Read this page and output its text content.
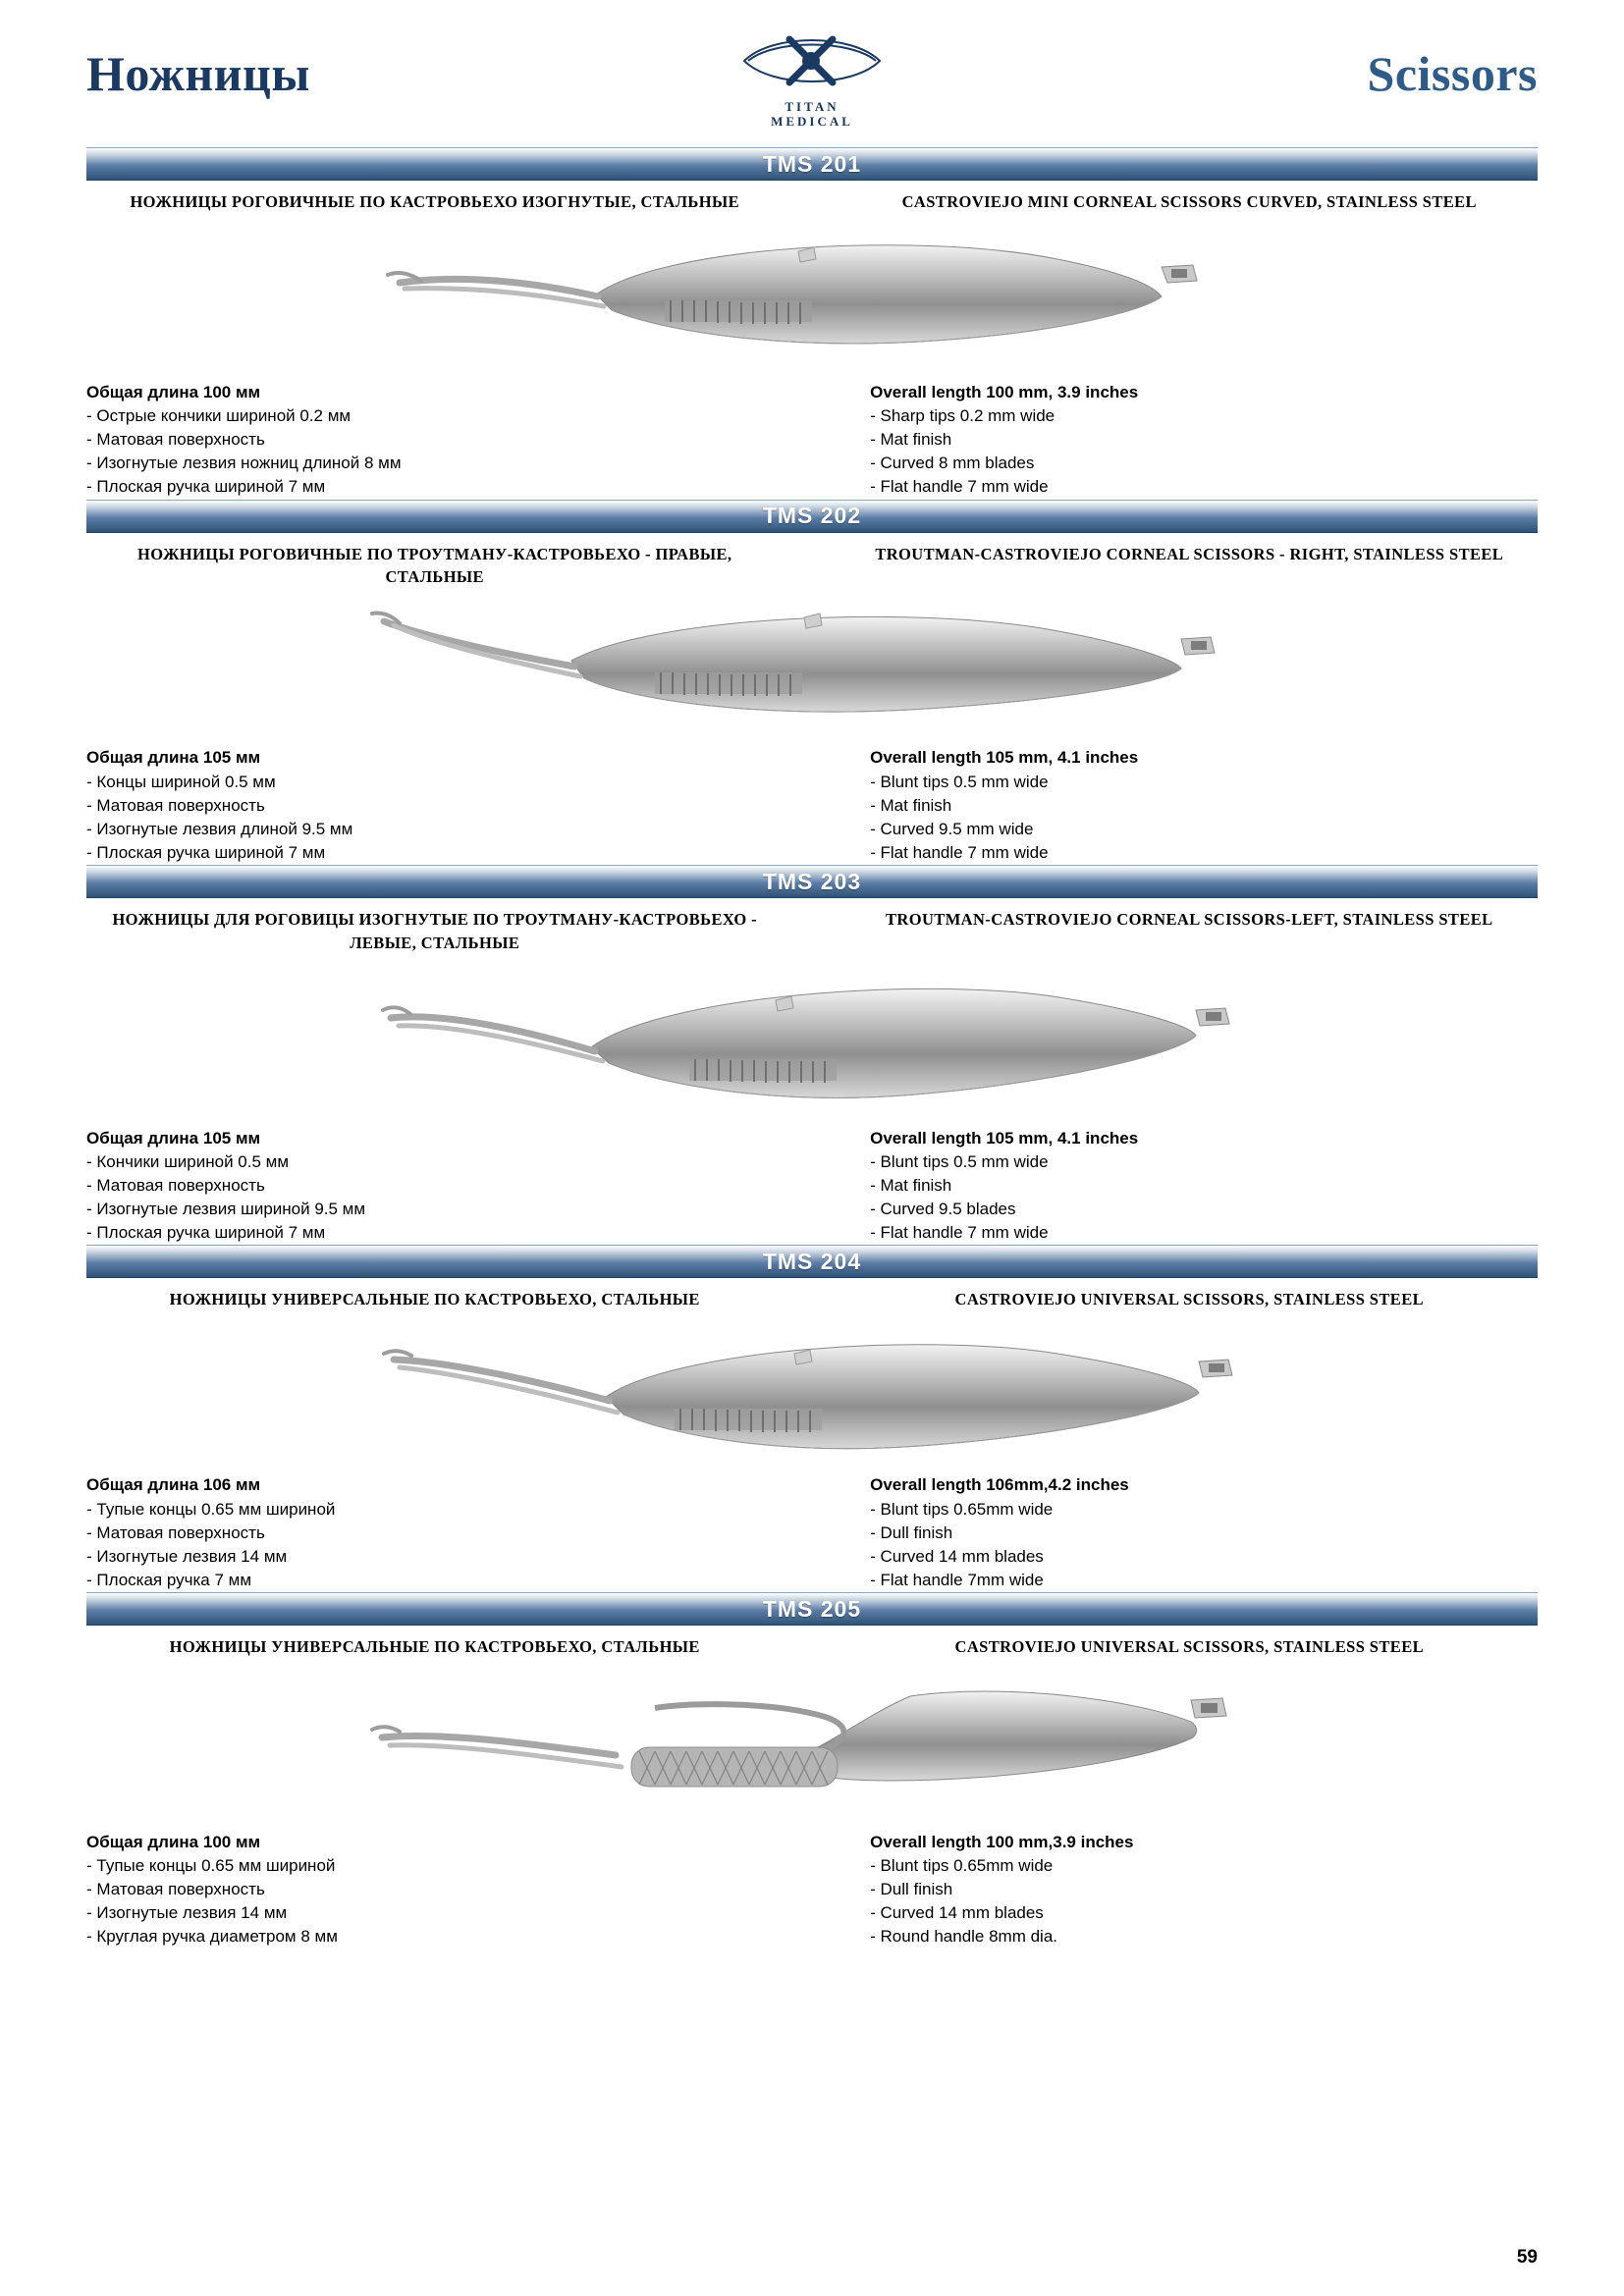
Ножницы
TITAN
MEDICAL
Scissors
TMS 201
НОЖНИЦЫ РОГОВИЧНЫЕ ПО КАСТРОВЬЕХО ИЗОГНУТЫЕ, СТАЛЬНЫЕ	CASTROVIEJO MINI CORNEAL SCISSORS CURVED, STAINLESS STEEL
Общая длина 100 мм
- Острые кончики шириной 0.2 мм
- Матовая поверхность
- Изогнутые лезвия ножниц длиной 8 мм
- Плоская ручка шириной 7 мм
Overall length 100 mm, 3.9 inches
- Sharp tips 0.2 mm wide
- Mat finish
- Curved 8 mm blades
- Flat handle 7 mm wide
TMS 202
НОЖНИЦЫ РОГОВИЧНЫЕ ПО ТРОУТМАНУ-КАСТРОВЬЕХО - ПРАВЫЕ, СТАЛЬНЫЕ
TROUTMAN-CASTROVIEJO CORNEAL SCISSORS - RIGHT, STAINLESS STEEL
Общая длина 105 мм
- Концы шириной 0.5 мм
- Матовая поверхность
- Изогнутые лезвия длиной 9.5 мм
- Плоская ручка шириной 7 мм
Overall length 105 mm, 4.1 inches
- Blunt tips 0.5 mm wide
- Mat finish
- Curved 9.5 mm wide
- Flat handle 7 mm wide
TMS 203
НОЖНИЦЫ ДЛЯ РОГОВИЦЫ ИЗОГНУТЫЕ ПО ТРОУТМАНУ-КАСТРОВЬЕХО - ЛЕВЫЕ, СТАЛЬНЫЕ
TROUTMAN-CASTROVIEJO CORNEAL SCISSORS-LEFT, STAINLESS STEEL
Общая длина 105 мм
- Кончики шириной 0.5 мм
- Матовая поверхность
- Изогнутые лезвия шириной 9.5 мм
- Плоская ручка шириной 7 мм
Overall length 105 mm, 4.1 inches
- Blunt tips 0.5 mm wide
- Mat finish
- Curved 9.5 blades
- Flat handle 7 mm wide
TMS 204
НОЖНИЦЫ УНИВЕРСАЛЬНЫЕ ПО КАСТРОВЬЕХО, СТАЛЬНЫЕ	CASTROVIEJO UNIVERSAL SCISSORS, STAINLESS STEEL
Общая длина 106 мм
- Тупые концы 0.65 мм шириной
- Матовая поверхность
- Изогнутые лезвия 14 мм
- Плоская ручка 7 мм
Overall length 106mm,4.2 inches
- Blunt tips 0.65mm wide
- Dull finish
- Curved 14 mm blades
- Flat handle 7mm wide
TMS 205
НОЖНИЦЫ УНИВЕРСАЛЬНЫЕ ПО КАСТРОВЬЕХО, СТАЛЬНЫЕ	CASTROVIEJO UNIVERSAL SCISSORS, STAINLESS STEEL
Общая длина 100 мм
- Тупые концы 0.65 мм шириной
- Матовая поверхность
- Изогнутые лезвия 14 мм
- Круглая ручка диаметром 8 мм
Overall length 100 mm,3.9 inches
- Blunt tips 0.65mm wide
- Dull finish
- Curved 14 mm blades
- Round handle 8mm dia.
59
